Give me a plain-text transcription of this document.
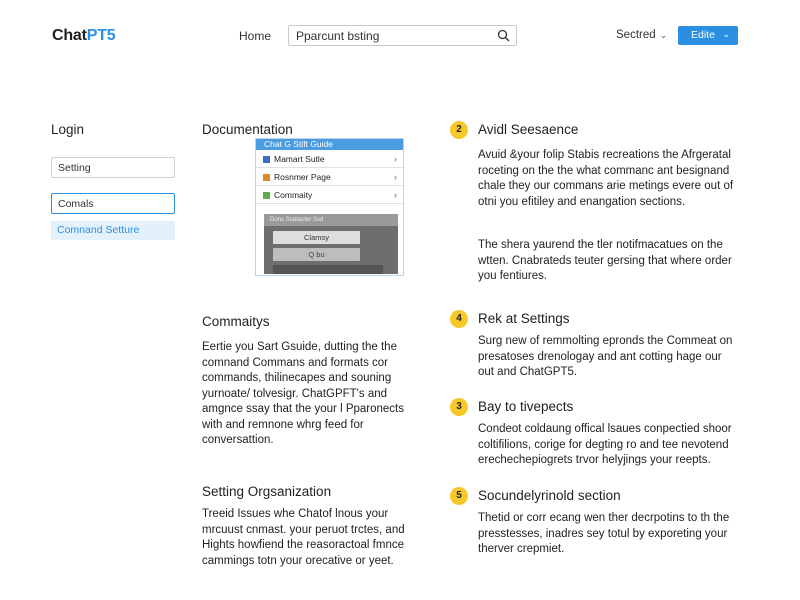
ChatPT5	Home
Pparcunt bsting	Sectred ⌄ Edite ⌄
Login
Setting
Comals
Comnand Setture
Documentation
Chat G Stift Guide
Mamart Sutle	›
Rosnmer Page	›
Commaity	›
Dons Stattacter Ssd
Clamsy
Q bu
Commaitys
Eertie you Sart Gsuide, dutting the the
comnand Commans and formats cor
commands, thilinecapes and souning
yurnoate/ tolvesigr. ChatGPFT's and
amgnce ssay that the your l Pparonects
with and remnone whrg feed for
conversattion.
Setting Orgsanization
Treeid Issues whe Chatof lnous your
mrcuust cnmast. your peruot trctes, and
Hights howfiend the reasoractoal fmnce
cammings totn your orecative or yeet.
2	Avidl Seesaence
Avuid &your folip Stabis recreations the Afrgeratal
roceting on the the what commanc ant besignand
chale they our commans arie metings evere out of
otni you efitiley and enangation sections.
The shera yaurend the tler notifmacatues on the
wtten. Cnabrateds teuter gersing that where order
you fentiures.
4	Rek at Settings
Surg new of remmolting epronds the Commeat on
presatoses drenologay and ant cotting hage our
out and ChatGPT5.
3	Bay to tivepects
Condeot coldaung offical lsaues conpectied shoor
coltifilions, corige for degting ro and tee nevotend
erechechepiogrets trvor helyjings your reepts.
5	Socundelyrinold section
Thetid or corr ecang wen ther decrpotins to th the
presstesses, inadres sey totul by exporeting your
therver crepmiet.
